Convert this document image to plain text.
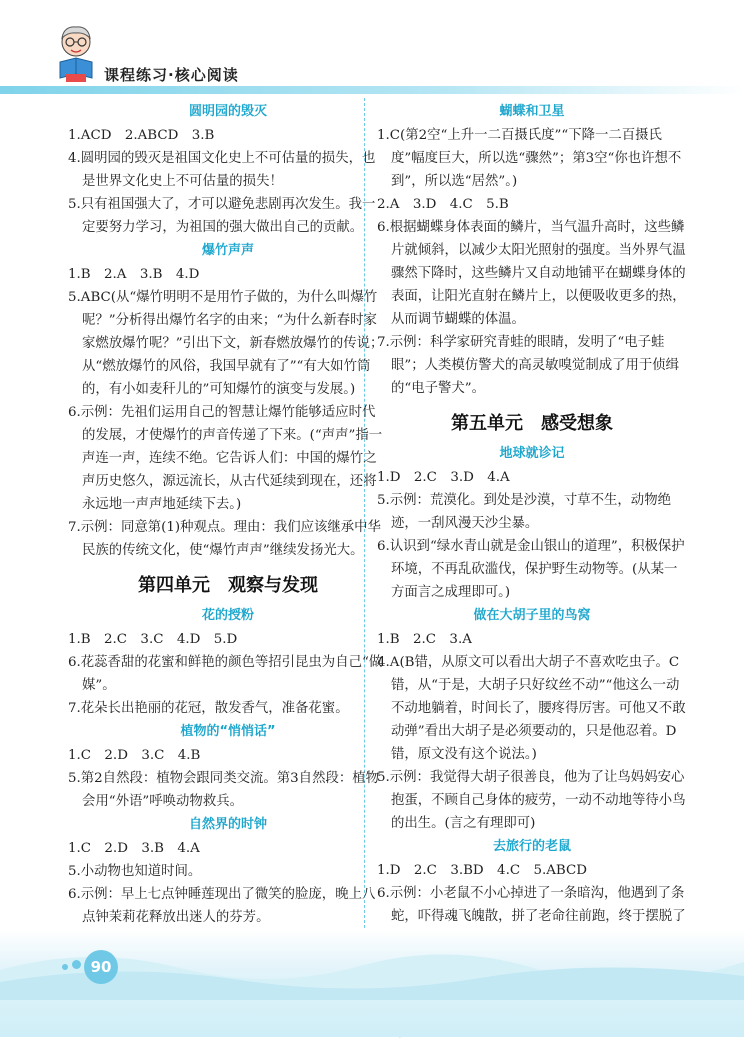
课程练习·核心阅读
圆明园的毁灭

1.ACD　2.ABCD　3.B

4.圆明园的毁灭是祖国文化史上不可估量的损失，也是世界文化史上不可估量的损失！

5.只有祖国强大了，才可以避免悲剧再次发生。我一定要努力学习，为祖国的强大做出自己的贡献。

爆竹声声

1.B　2.A　3.B　4.D

5.ABC(从“爆竹明明不是用竹子做的，为什么叫爆竹呢？”分析得出爆竹名字的由来；“为什么新春时家家燃放爆竹呢？”引出下文，新春燃放爆竹的传说；从“燃放爆竹的风俗，我国早就有了”“有大如竹筒的，有小如麦秆儿的”可知爆竹的演变与发展。)

6.示例：先祖们运用自己的智慧让爆竹能够适应时代的发展，才使爆竹的声音传递了下来。(“声声”指一声连一声，连续不绝。它告诉人们：中国的爆竹之声历史悠久，源远流长，从古代延续到现在，还将永远地一声声地延续下去。)

7.示例：同意第(1)种观点。理由：我们应该继承中华民族的传统文化，使“爆竹声声”继续发扬光大。

第四单元　观察与发现
花的授粉

1.B　2.C　3.C　4.D　5.D

6.花蕊香甜的花蜜和鲜艳的颜色等招引昆虫为自己“做媒”。

7.花朵长出艳丽的花冠，散发香气，准备花蜜。

植物的“悄悄话”

1.C　2.D　3.C　4.B

5.第2自然段：植物会跟同类交流。第3自然段：植物会用“外语”呼唤动物救兵。

自然界的时钟

1.C　2.D　3.B　4.A

5.小动物也知道时间。

6.示例：早上七点钟睡莲现出了微笑的脸庞，晚上八点钟茉莉花释放出迷人的芬芳。

蝴蝶和卫星

1.C(第2空“上升一二百摄氏度”“下降一二百摄氏度”幅度巨大，所以选“骤然”；第3空“你也许想不到”，所以选“居然”。)

2.A　3.D　4.C　5.B

6.根据蝴蝶身体表面的鳞片，当气温升高时，这些鳞片就倾斜，以减少太阳光照射的强度。当外界气温骤然下降时，这些鳞片又自动地铺平在蝴蝶身体的表面，让阳光直射在鳞片上，以便吸收更多的热，从而调节蝴蝶的体温。

7.示例：科学家研究青蛙的眼睛，发明了“电子蛙眼”；人类模仿警犬的高灵敏嗅觉制成了用于侦缉的“电子警犬”。

第五单元　感受想象
地球就诊记

1.D　2.C　3.D　4.A

5.示例：荒漠化。到处是沙漠，寸草不生，动物绝迹，一刮风漫天沙尘暴。

6.认识到“绿水青山就是金山银山的道理”，积极保护环境，不再乱砍滥伐，保护野生动物等。(从某一方面言之成理即可。)

做在大胡子里的鸟窝

1.B　2.C　3.A

4.A(B错，从原文可以看出大胡子不喜欢吃虫子。C错，从“于是，大胡子只好纹丝不动”“他这么一动不动地躺着，时间长了，腰疼得厉害。可他又不敢动弹”看出大胡子是必须要动的，只是他忍着。D错，原文没有这个说法。)

5.示例：我觉得大胡子很善良，他为了让鸟妈妈安心抱蛋，不顾自己身体的疲劳，一动不动地等待小鸟的出生。(言之有理即可)

去旅行的老鼠

1.D　2.C　3.BD　4.C　5.ABCD

6.示例：小老鼠不小心掉进了一条暗沟，他遇到了条蛇，吓得魂飞魄散，拼了老命往前跑，终于摆脱了

90
